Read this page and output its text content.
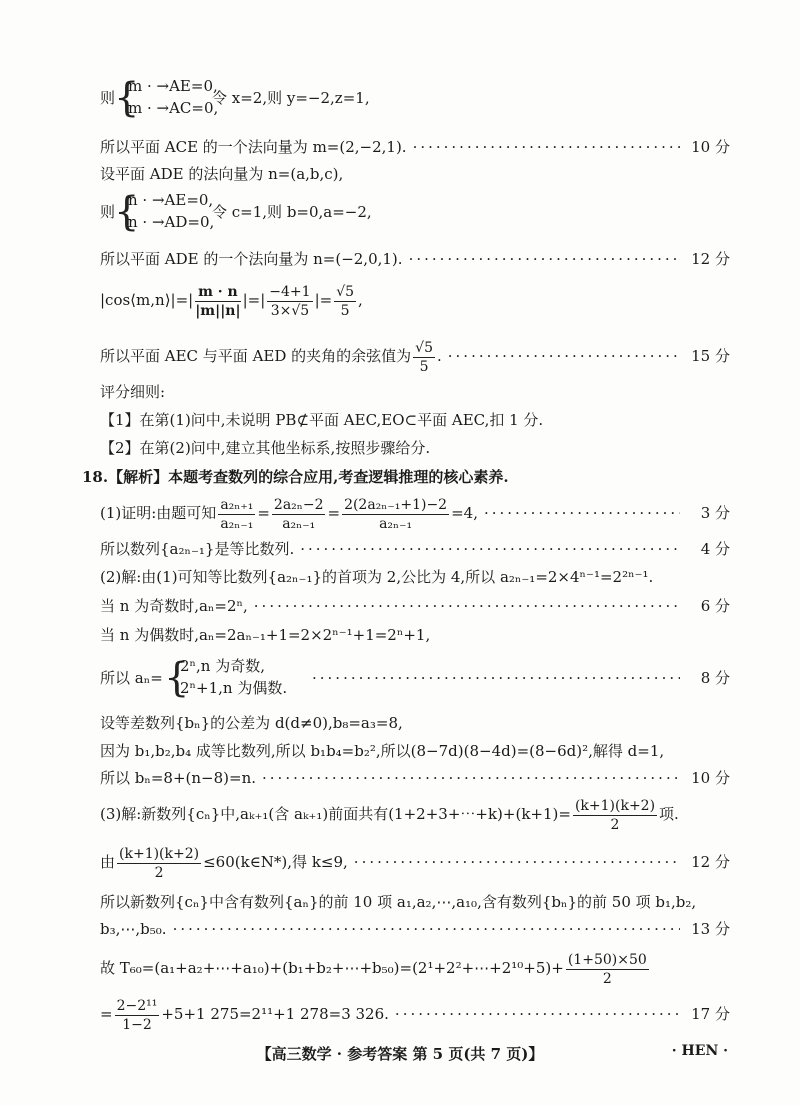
则
{
m · →AE=0,
m · →AC=0,
令 x=2,则 y=−2,z=1,
所以平面 ACE 的一个法向量为 m=(2,−2,1). ·····	10 分
设平面 ADE 的法向量为 n=(a,b,c),
则
{
n · →AE=0,
n · →AD=0,
令 c=1,则 b=0,a=−2,
所以平面 ADE 的一个法向量为 n=(−2,0,1). ·····	12 分
|cos⟨m,n⟩|=| $\frac{m \cdot n}{|m||n|}$ |=| $\frac{-4+1}{3\times√5}$ |= $\frac{√5}{5}$ ,
所以平面 AEC 与平面 AED 的夹角的余弦值为 $\frac{√5}{5}$ . ·····	15 分
评分细则:
【1】在第(1)问中,未说明 PB⊄平面 AEC,EO⊂平面 AEC,扣 1 分.
【2】在第(2)问中,建立其他坐标系,按照步骤给分.
18.【解析】本题考查数列的综合应用,考查逻辑推理的核心素养.
(1)证明:由题可知 $\frac{\text{a₂ₙ₊₁}}{\text{a₂ₙ₋₁}} = \frac{\text{2a₂ₙ−2}}{\text{a₂ₙ₋₁}} = \frac{\text{2(2a₂ₙ₋₁+1)−2}}{\text{a₂ₙ₋₁}} =4$, ·····	3 分
所以数列{a₂ₙ₋₁}是等比数列. ·····	4 分
(2)解:由(1)可知等比数列{a₂ₙ₋₁}的首项为 2,公比为 4,所以 a₂ₙ₋₁=2×4ⁿ⁻¹=2²ⁿ⁻¹.
当 n 为奇数时,aₙ=2ⁿ, ·····	6 分
当 n 为偶数时,aₙ=2aₙ₋₁+1=2×2ⁿ⁻¹+1=2ⁿ+1,
所以 aₙ= {
2ⁿ,n 为奇数,
2ⁿ+1,n 为偶数.
·····
8 分
设等差数列{bₙ}的公差为 d(d≠0),b₈=a₃=8,
因为 b₁,b₂,b₄ 成等比数列,所以 b₁b₄=b₂²,所以(8−7d)(8−4d)=(8−6d)²,解得 d=1,
所以 bₙ=8+(n−8)=n. ·····	10 分
(3)解:新数列{cₙ}中,aₖ₊₁(含 aₖ₊₁)前面共有(1+2+3+⋯+k)+(k+1)= $\frac{(k+1)(k+2)}{2}$ 项.
由 $\frac{(k+1)(k+2)}{2}$ ≤60(k∈N*),得 k≤9, ·····	12 分
所以新数列{cₙ}中含有数列{aₙ}的前 10 项 a₁,a₂,⋯,a₁₀,含有数列{bₙ}的前 50 项 b₁,b₂,
b₃,⋯,b₅₀. ·····	13 分
故 T₆₀=(a₁+a₂+⋯+a₁₀)+(b₁+b₂+⋯+b₅₀)=(2¹+2²+⋯+2¹⁰+5)+ $\frac{(1+50)\times 50}{2}$
= $\frac{\text{2−2¹¹}}{1-2} +5+1$ 275=2¹¹+1 278=3 326. ·····	17 分
【高三数学 · 参考答案 第 5 页(共 7 页)】	· HEN ·
